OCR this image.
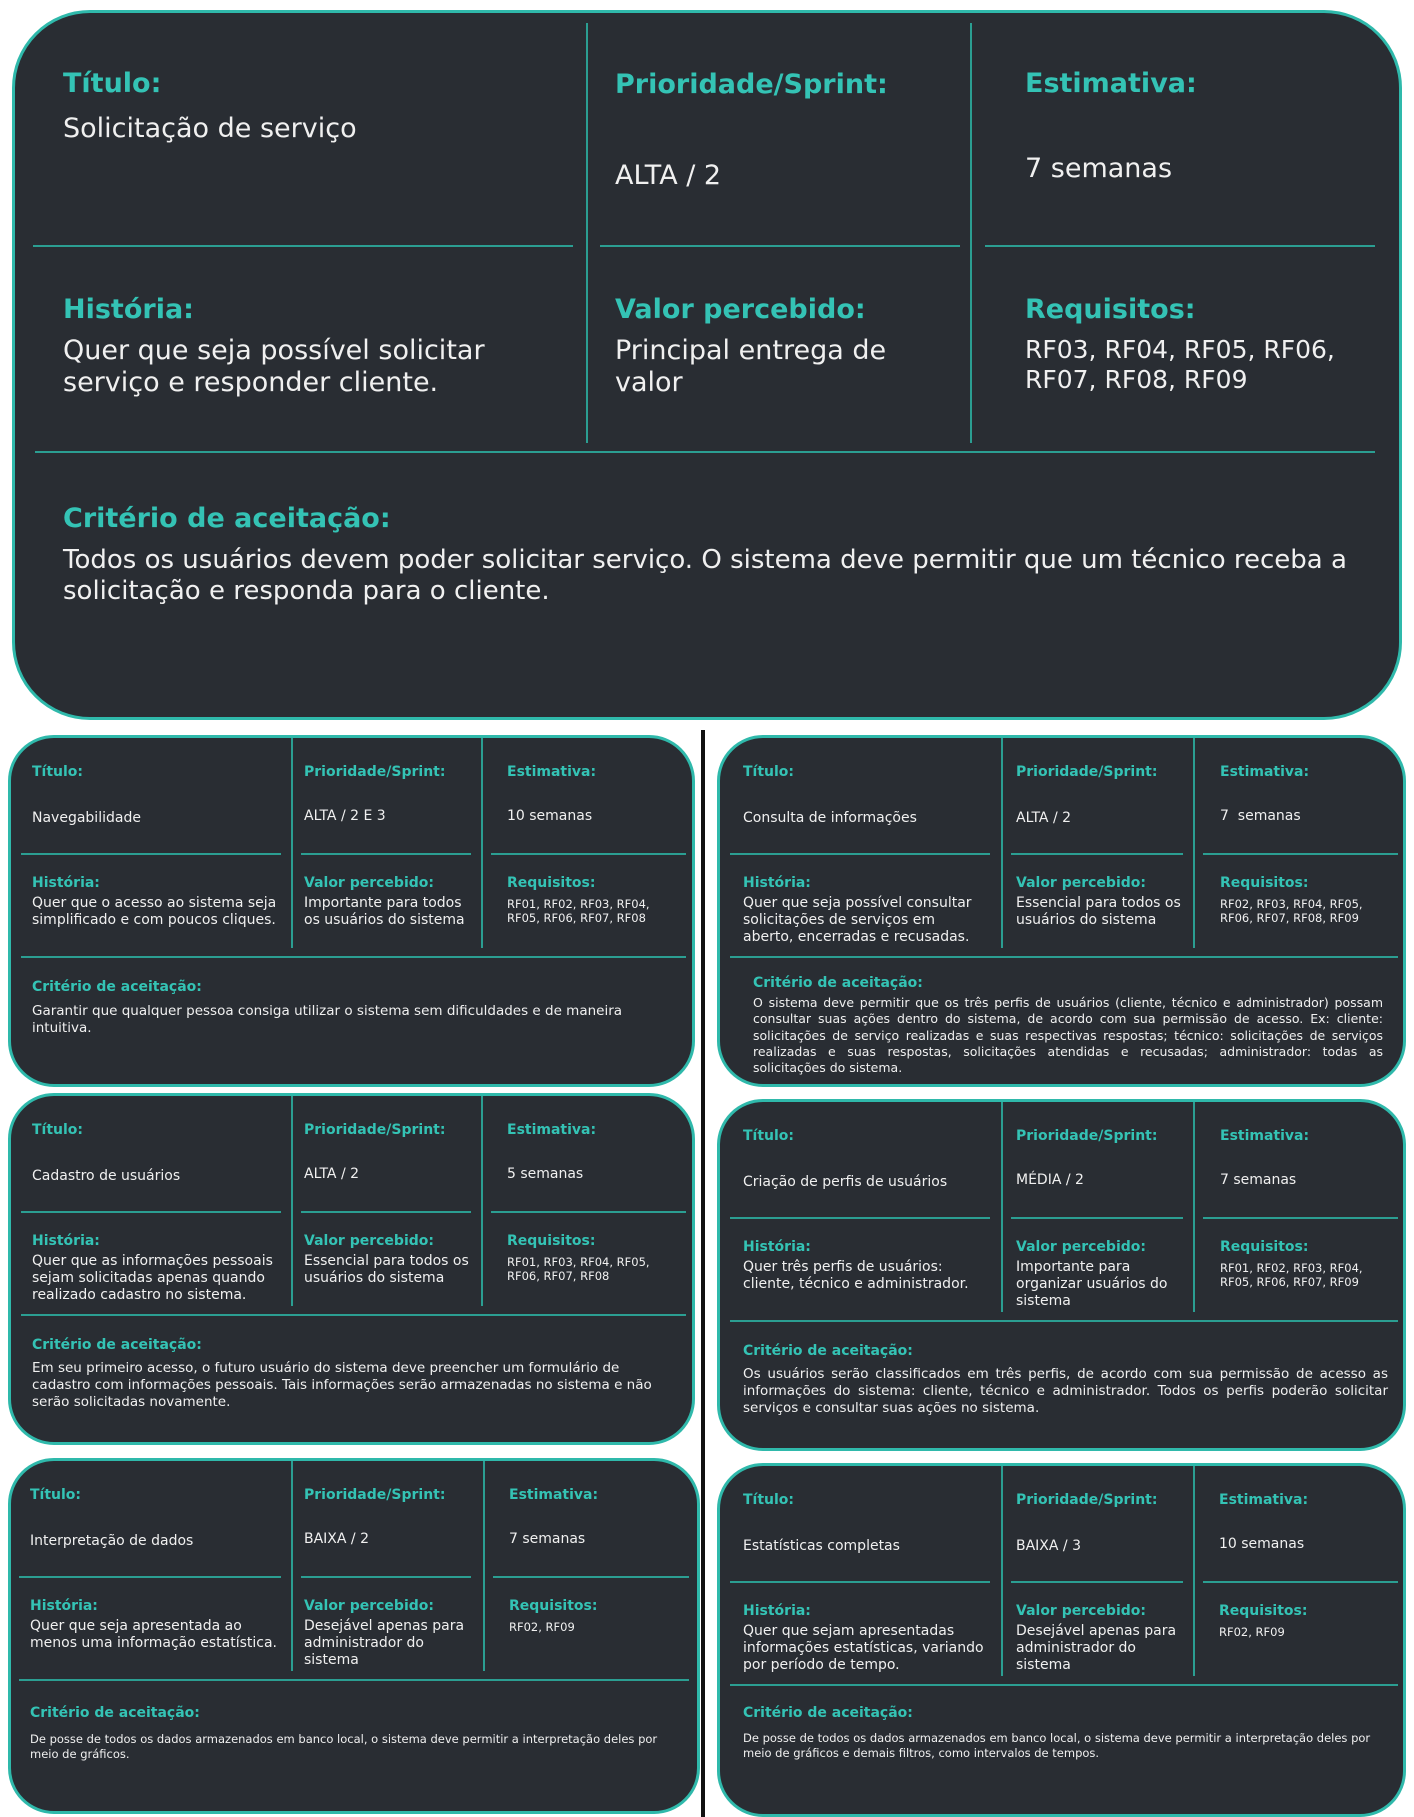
Título:
Solicitação de serviço
Prioridade/Sprint:
ALTA / 2
Estimativa:
7 semanas
História:
Quer que seja possível solicitar serviço e responder cliente.
Valor percebido:
Principal entrega de valor
Requisitos:
RF03, RF04, RF05, RF06, RF07, RF08, RF09
Critério de aceitação:
Todos os usuários devem poder solicitar serviço. O sistema deve permitir que um técnico receba a solicitação e responda para o cliente.
Título:
Navegabilidade
Prioridade/Sprint:
ALTA / 2 E 3
Estimativa:
10 semanas
História:
Quer que o acesso ao sistema seja simplificado e com poucos cliques.
Valor percebido:
Importante para todos os usuários do sistema
Requisitos:
RF01, RF02, RF03, RF04, RF05, RF06, RF07, RF08
Critério de aceitação:
Garantir que qualquer pessoa consiga utilizar o sistema sem dificuldades e de maneira intuitiva.
Título:
Consulta de informações
Prioridade/Sprint:
ALTA / 2
Estimativa:
7  semanas
História:
Quer que seja possível consultar solicitações de serviços em aberto, encerradas e recusadas.
Valor percebido:
Essencial para todos os usuários do sistema
Requisitos:
RF02, RF03, RF04, RF05, RF06, RF07, RF08, RF09
Critério de aceitação:
O sistema deve permitir que os três perfis de usuários (cliente, técnico e administrador) possam consultar suas ações dentro do sistema, de acordo com sua permissão de acesso. Ex: cliente: solicitações de serviço realizadas e suas respectivas respostas; técnico: solicitações de serviços realizadas e suas respostas, solicitações atendidas e recusadas; administrador: todas as solicitações do sistema.
Título:
Cadastro de usuários
Prioridade/Sprint:
ALTA / 2
Estimativa:
5 semanas
História:
Quer que as informações pessoais sejam solicitadas apenas quando realizado cadastro no sistema.
Valor percebido:
Essencial para todos os usuários do sistema
Requisitos:
RF01, RF03, RF04, RF05, RF06, RF07, RF08
Critério de aceitação:
Em seu primeiro acesso, o futuro usuário do sistema deve preencher um formulário de cadastro com informações pessoais. Tais informações serão armazenadas no sistema e não serão solicitadas novamente.
Título:
Criação de perfis de usuários
Prioridade/Sprint:
MÉDIA / 2
Estimativa:
7 semanas
História:
Quer três perfis de usuários: cliente, técnico e administrador.
Valor percebido:
Importante para organizar usuários do sistema
Requisitos:
RF01, RF02, RF03, RF04, RF05, RF06, RF07, RF09
Critério de aceitação:
Os usuários serão classificados em três perfis, de acordo com sua permissão de acesso as informações do sistema: cliente, técnico e administrador. Todos os perfis poderão solicitar serviços e consultar suas ações no sistema.
Título:
Interpretação de dados
Prioridade/Sprint:
BAIXA / 2
Estimativa:
7 semanas
História:
Quer que seja apresentada ao menos uma informação estatística.
Valor percebido:
Desejável apenas para administrador do sistema
Requisitos:
RF02, RF09
Critério de aceitação:
De posse de todos os dados armazenados em banco local, o sistema deve permitir a interpretação deles por meio de gráficos.
Título:
Estatísticas completas
Prioridade/Sprint:
BAIXA / 3
Estimativa:
10 semanas
História:
Quer que sejam apresentadas informações estatísticas, variando por período de tempo.
Valor percebido:
Desejável apenas para administrador do sistema
Requisitos:
RF02, RF09
Critério de aceitação:
De posse de todos os dados armazenados em banco local, o sistema deve permitir a interpretação deles por meio de gráficos e demais filtros, como intervalos de tempos.
